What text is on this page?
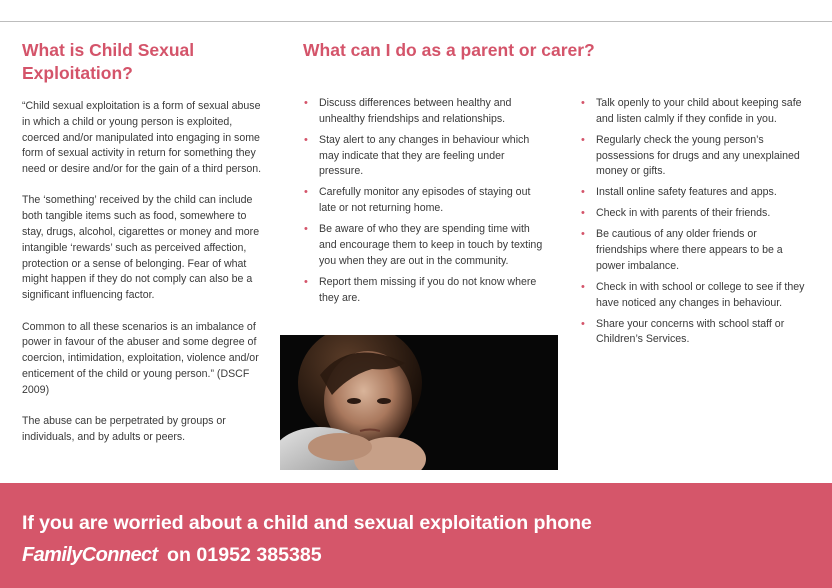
What is Child Sexual Exploitation?

“Child sexual exploitation is a form of sexual abuse in which a child or young person is exploited, coerced and/or manipulated into engaging in some form of sexual activity in return for something they need or desire and/or for the gain of a third person.

The ‘something’ received by the child can include both tangible items such as food, somewhere to stay, drugs, alcohol, cigarettes or money and more intangible ‘rewards’ such as perceived affection, protection or a sense of belonging. Fear of what might happen if they do not comply can also be a significant influencing factor.

Common to all these scenarios is an imbalance of power in favour of the abuser and some degree of coercion, intimidation, exploitation, violence and/or enticement of the child or young person.” (DSCF 2009)

The abuse can be perpetrated by groups or individuals, and by adults or peers.

What can I do as a parent or carer?
• Discuss differences between healthy and unhealthy friendships and relationships.
• Stay alert to any changes in behaviour which may indicate that they are feeling under pressure.
• Carefully monitor any episodes of staying out late or not returning home.
• Be aware of who they are spending time with and encourage them to keep in touch by texting you when they are out in the community.
• Report them missing if you do not know where they are.
• Talk openly to your child about keeping safe and listen calmly if they confide in you.
• Regularly check the young person’s possessions for drugs and any unexplained money or gifts.
• Install online safety features and apps.
• Check in with parents of their friends.
• Be cautious of any older friends or friendships where there appears to be a power imbalance.
• Check in with school or college to see if they have noticed any changes in behaviour.
• Share your concerns with school staff or Children’s Services.
If you are worried about a child and sexual exploitation phone
FamilyConnect on 01952 385385
